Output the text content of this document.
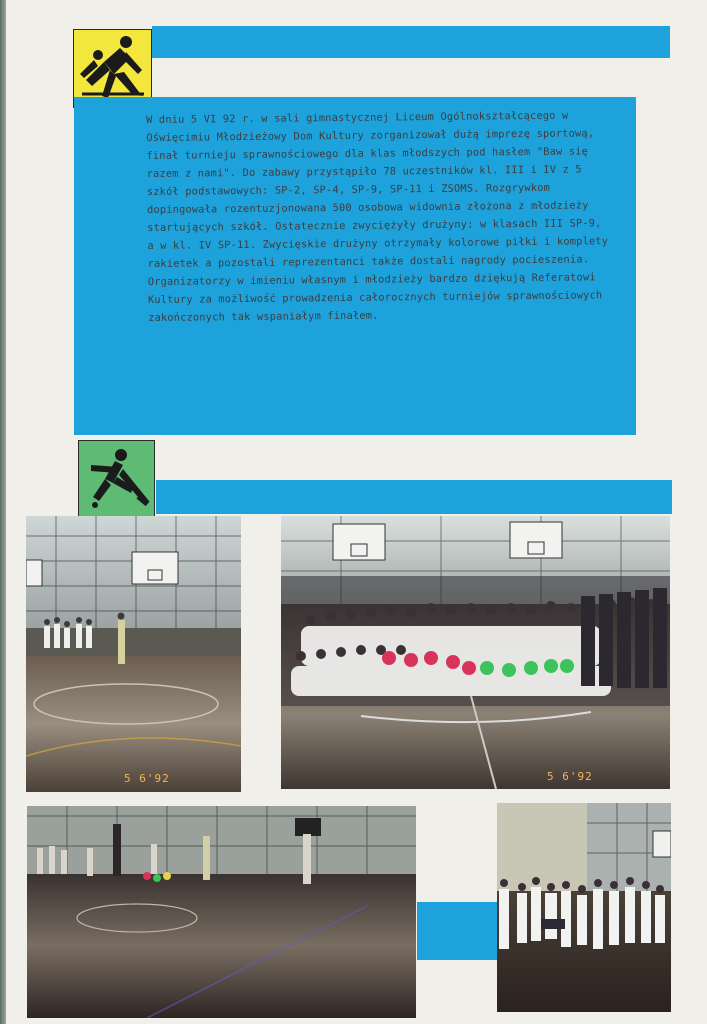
W dniu 5 VI 92 r. w sali gimnastycznej Liceum Ogólnokształcącego w Oświęcimiu Młodzieżowy Dom Kultury zorganizował dużą imprezę sportową, finał turnieju sprawnościowego dla klas młodszych pod hasłem "Baw się razem z nami". Do zabawy przystąpiło 78 uczestników kl. III i IV z 5 szkół podstawowych: SP-2, SP-4, SP-9, SP-11 i ZSOMS. Rozgrywkom dopingowała rozentuzjonowana 500 osobowa widownia złożona z młodzieży startujących szkół. Ostatecznie zwyciężyły drużyny: w klasach III SP-9, a w kl. IV SP-11. Zwycięskie drużyny otrzymały kolorowe piłki i komplety rakietek a pozostali reprezentanci także dostali nagrody pocieszenia. Organizatorzy w imieniu własnym i młodzieży bardzo dziękują Referatowi Kultury za możliwość prowadzenia całorocznych turniejów sprawnościowych zakończonych tak wspaniałym finałem.

5 6'92	5 6'92
